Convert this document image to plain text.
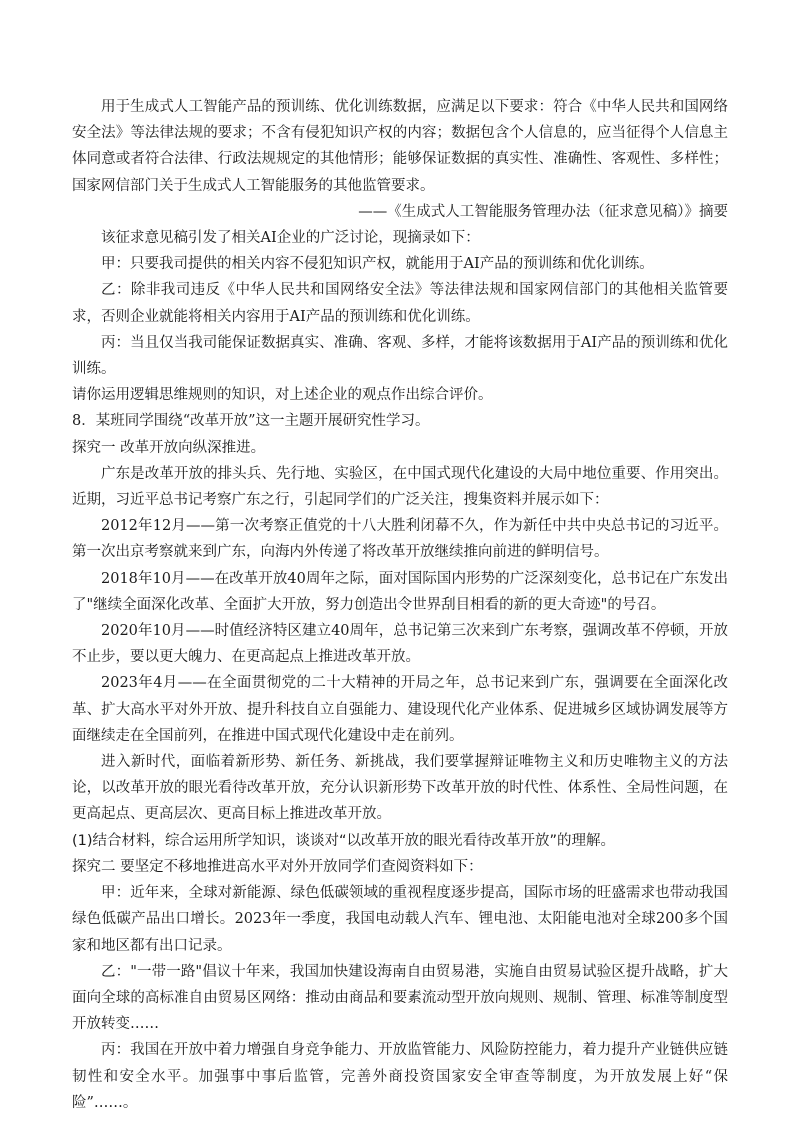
用于生成式人工智能产品的预训练、优化训练数据，应满足以下要求：符合《中华人民共和国网络安全法》等法律法规的要求；不含有侵犯知识产权的内容；数据包含个人信息的，应当征得个人信息主体同意或者符合法律、行政法规规定的其他情形；能够保证数据的真实性、准确性、客观性、多样性；国家网信部门关于生成式人工智能服务的其他监管要求。

——《生成式人工智能服务管理办法（征求意见稿）》摘要

该征求意见稿引发了相关AI企业的广泛讨论，现摘录如下：

甲：只要我司提供的相关内容不侵犯知识产权，就能用于AI产品的预训练和优化训练。

乙：除非我司违反《中华人民共和国网络安全法》等法律法规和国家网信部门的其他相关监管要求，否则企业就能将相关内容用于AI产品的预训练和优化训练。

丙：当且仅当我司能保证数据真实、准确、客观、多样，才能将该数据用于AI产品的预训练和优化训练。

请你运用逻辑思维规则的知识，对上述企业的观点作出综合评价。

8．某班同学围绕“改革开放”这一主题开展研究性学习。

探究一 改革开放向纵深推进。

广东是改革开放的排头兵、先行地、实验区，在中国式现代化建设的大局中地位重要、作用突出。近期，习近平总书记考察广东之行，引起同学们的广泛关注，搜集资料并展示如下：

2012年12月——第一次考察正值党的十八大胜利闭幕不久，作为新任中共中央总书记的习近平。第一次出京考察就来到广东，向海内外传递了将改革开放继续推向前进的鲜明信号。

2018年10月——在改革开放40周年之际，面对国际国内形势的广泛深刻变化，总书记在广东发出了"继续全面深化改革、全面扩大开放，努力创造出令世界刮目相看的新的更大奇迹"的号召。

2020年10月——时值经济特区建立40周年，总书记第三次来到广东考察，强调改革不停顿，开放不止步，要以更大魄力、在更高起点上推进改革开放。

2023年4月——在全面贯彻党的二十大精神的开局之年，总书记来到广东，强调要在全面深化改革、扩大高水平对外开放、提升科技自立自强能力、建设现代化产业体系、促进城乡区域协调发展等方面继续走在全国前列，在推进中国式现代化建设中走在前列。

进入新时代，面临着新形势、新任务、新挑战，我们要掌握辩证唯物主义和历史唯物主义的方法论，以改革开放的眼光看待改革开放，充分认识新形势下改革开放的时代性、体系性、全局性问题，在更高起点、更高层次、更高目标上推进改革开放。

(1)结合材料，综合运用所学知识，谈谈对“以改革开放的眼光看待改革开放”的理解。

探究二 要坚定不移地推进高水平对外开放同学们查阅资料如下：

甲：近年来，全球对新能源、绿色低碳领域的重视程度逐步提高，国际市场的旺盛需求也带动我国绿色低碳产品出口增长。2023年一季度，我国电动载人汽车、锂电池、太阳能电池对全球200多个国家和地区都有出口记录。

乙："一带一路"倡议十年来，我国加快建设海南自由贸易港，实施自由贸易试验区提升战略，扩大面向全球的高标准自由贸易区网络：推动由商品和要素流动型开放向规则、规制、管理、标准等制度型开放转变……

丙：我国在开放中着力增强自身竞争能力、开放监管能力、风险防控能力，着力提升产业链供应链韧性和安全水平。加强事中事后监管，完善外商投资国家安全审查等制度，为开放发展上好“保险”……。
